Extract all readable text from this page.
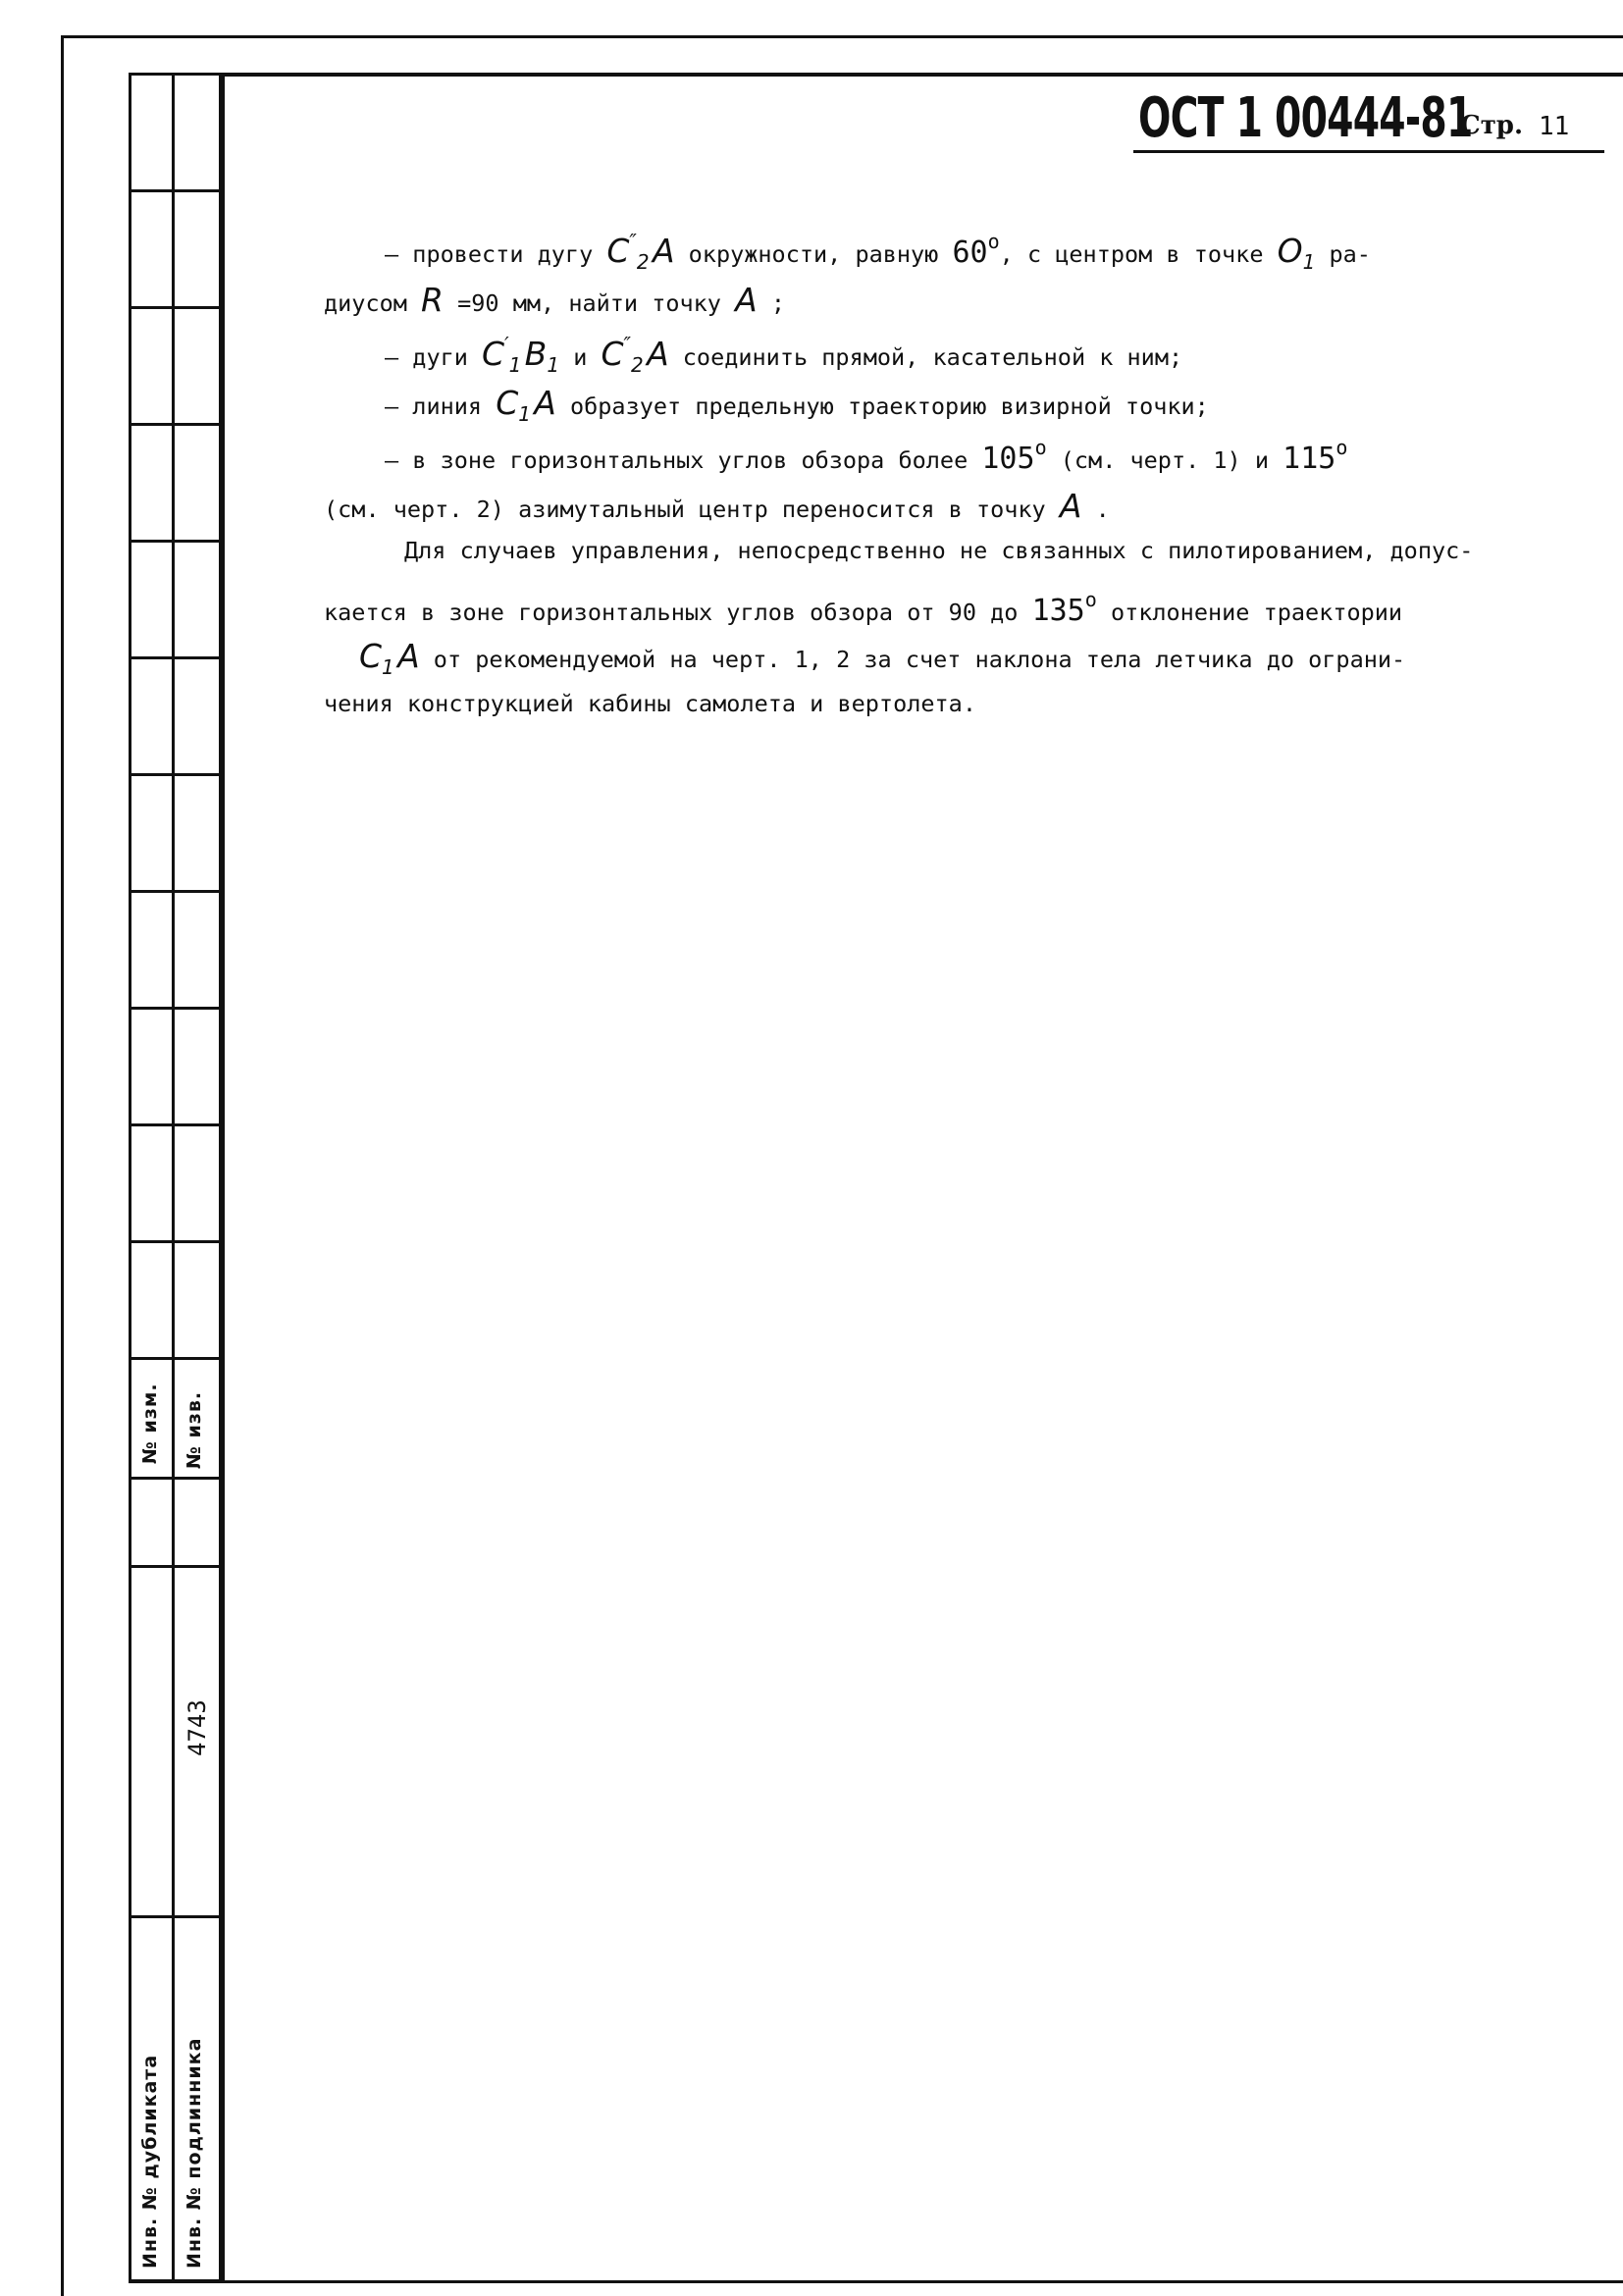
№ изм. № изв.
Инв. № дубликата Инв. № подлинника
4743
ОСТ 1 00444-81
Стр. 11
– провести дугу $C''_2$ A окружности, равную 60o, с центром в точке $O_1$ ра-
диусом R =90 мм, найти точку A ;
– дуги $C'_1$ $B_1$ и $C''_2$ A соединить прямой, касательной к ним;
– линия $C_1$ A образует предельную траекторию визирной точки;
– в зоне горизонтальных углов обзора более 105o (см. черт. 1) и 115o
(см. черт. 2) азимутальный центр переносится в точку A .
Для случаев управления, непосредственно не связанных с пилотированием, допус-
кается в зоне горизонтальных углов обзора от 90 до 135o отклонение траектории
$C_1$ A от рекомендуемой на черт. 1, 2 за счет наклона тела летчика до ограни-
чения конструкцией кабины самолета и вертолета.
